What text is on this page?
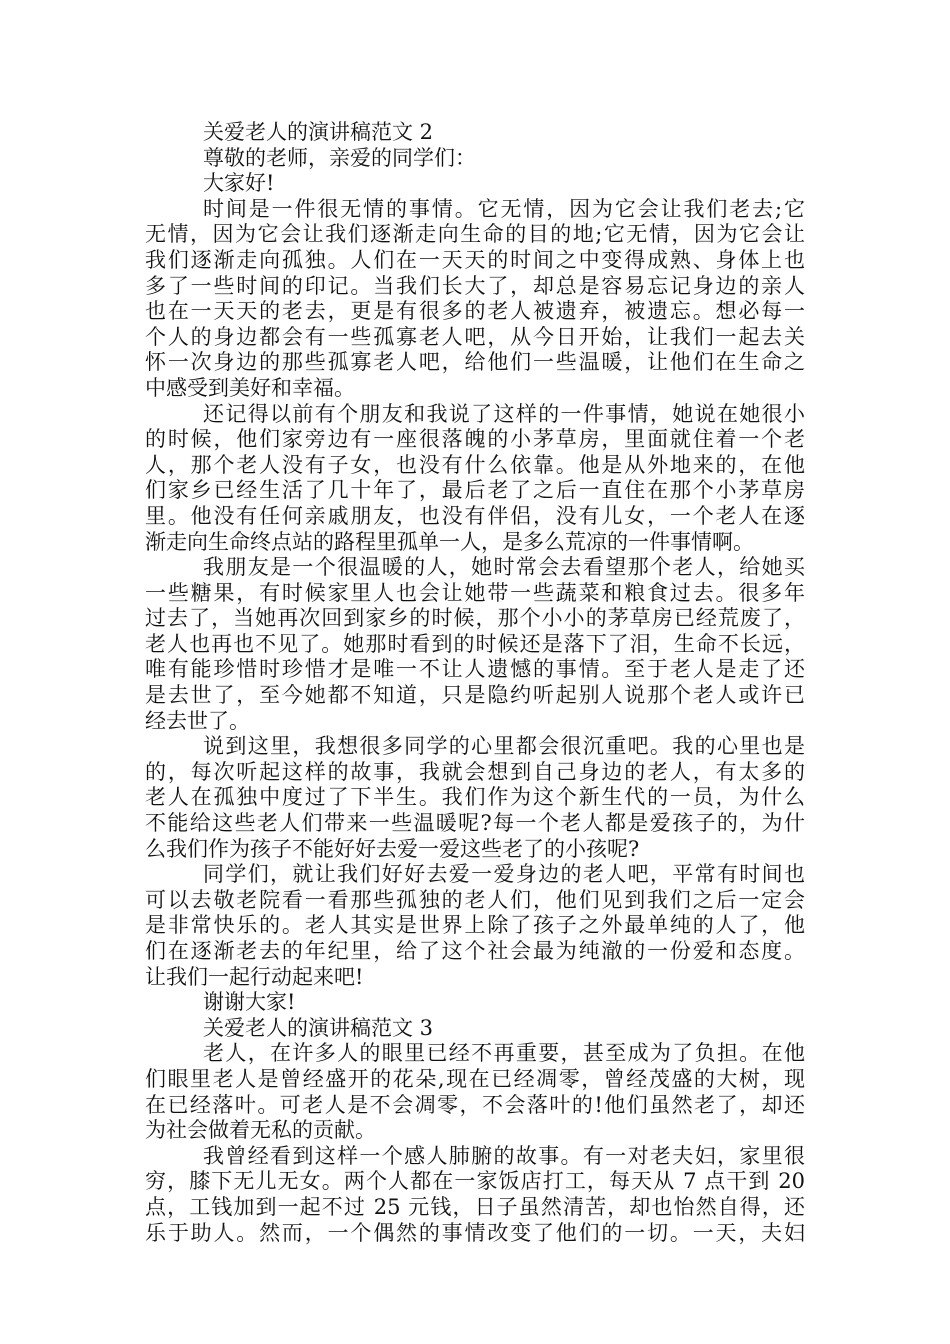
关爱老人的演讲稿范文 2
尊敬的老师，亲爱的同学们：
大家好!
时间是一件很无情的事情。它无情，因为它会让我们老去;它
无情，因为它会让我们逐渐走向生命的目的地;它无情，因为它会让
我们逐渐走向孤独。人们在一天天的时间之中变得成熟、身体上也
多了一些时间的印记。当我们长大了，却总是容易忘记身边的亲人
也在一天天的老去，更是有很多的老人被遗弃，被遗忘。想必每一
个人的身边都会有一些孤寡老人吧，从今日开始，让我们一起去关
怀一次身边的那些孤寡老人吧，给他们一些温暖，让他们在生命之
中感受到美好和幸福。
还记得以前有个朋友和我说了这样的一件事情，她说在她很小
的时候，他们家旁边有一座很落魄的小茅草房，里面就住着一个老
人，那个老人没有子女，也没有什么依靠。他是从外地来的，在他
们家乡已经生活了几十年了，最后老了之后一直住在那个小茅草房
里。他没有任何亲戚朋友，也没有伴侣，没有儿女，一个老人在逐
渐走向生命终点站的路程里孤单一人，是多么荒凉的一件事情啊。
我朋友是一个很温暖的人，她时常会去看望那个老人，给她买
一些糖果，有时候家里人也会让她带一些蔬菜和粮食过去。很多年
过去了，当她再次回到家乡的时候，那个小小的茅草房已经荒废了，
老人也再也不见了。她那时看到的时候还是落下了泪，生命不长远，
唯有能珍惜时珍惜才是唯一不让人遗憾的事情。至于老人是走了还
是去世了，至今她都不知道，只是隐约听起别人说那个老人或许已
经去世了。
说到这里，我想很多同学的心里都会很沉重吧。我的心里也是
的，每次听起这样的故事，我就会想到自己身边的老人，有太多的
老人在孤独中度过了下半生。我们作为这个新生代的一员，为什么
不能给这些老人们带来一些温暖呢?每一个老人都是爱孩子的，为什
么我们作为孩子不能好好去爱一爱这些老了的小孩呢?
同学们，就让我们好好去爱一爱身边的老人吧，平常有时间也
可以去敬老院看一看那些孤独的老人们，他们见到我们之后一定会
是非常快乐的。老人其实是世界上除了孩子之外最单纯的人了，他
们在逐渐老去的年纪里，给了这个社会最为纯澈的一份爱和态度。
让我们一起行动起来吧!
谢谢大家!
关爱老人的演讲稿范文 3
老人，在许多人的眼里已经不再重要，甚至成为了负担。在他
们眼里老人是曾经盛开的花朵,现在已经凋零，曾经茂盛的大树，现
在已经落叶。可老人是不会凋零，不会落叶的!他们虽然老了，却还
为社会做着无私的贡献。
我曾经看到这样一个感人肺腑的故事。有一对老夫妇，家里很
穷，膝下无儿无女。两个人都在一家饭店打工，每天从 7 点干到 20
点，工钱加到一起不过 25 元钱，日子虽然清苦，却也怡然自得，还
乐于助人。然而，一个偶然的事情改变了他们的一切。一天，夫妇
